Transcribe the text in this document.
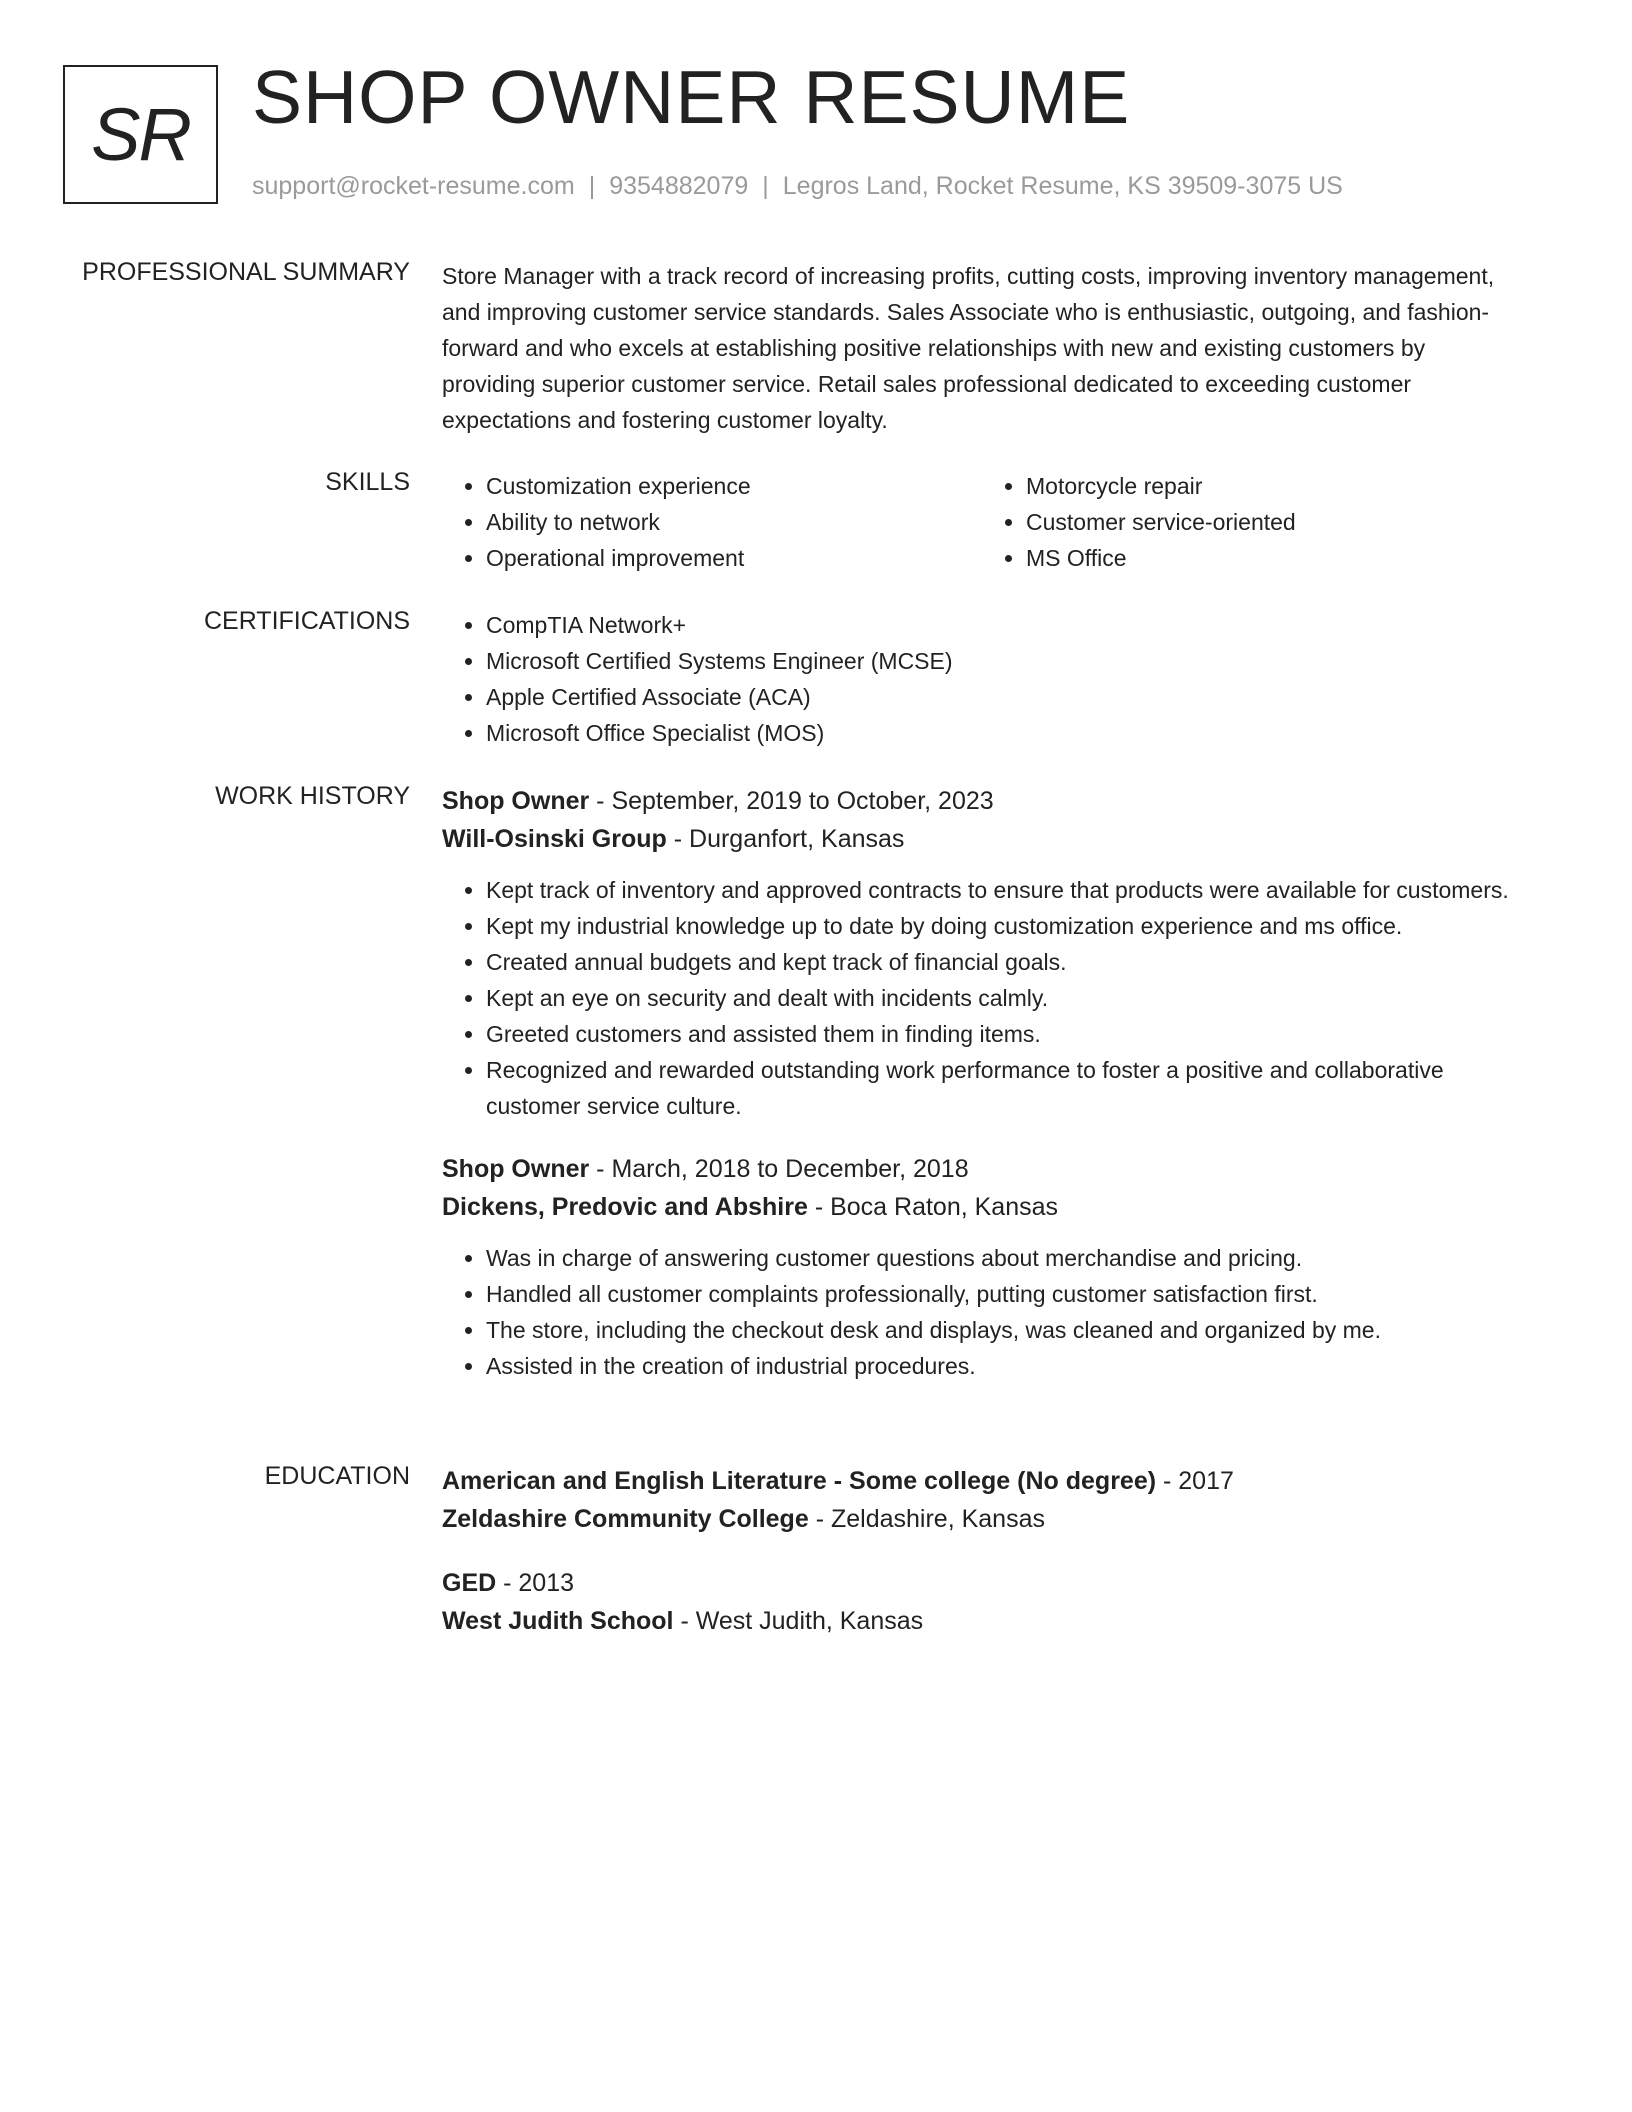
SR SHOP OWNER RESUME
support@rocket-resume.com | 9354882079 | Legros Land, Rocket Resume, KS 39509-3075 US
PROFESSIONAL SUMMARY Store Manager with a track record of increasing profits, cutting costs, improving inventory management, and improving customer service standards. Sales Associate who is enthusiastic, outgoing, and fashion-forward and who excels at establishing positive relationships with new and existing customers by providing superior customer service. Retail sales professional dedicated to exceeding customer expectations and fostering customer loyalty.

SKILLS	• Customization experience
• Ability to network
• Operational improvement
• Motorcycle repair
• Customer service-oriented
• MS Office
CERTIFICATIONS	• CompTIA Network+
• Microsoft Certified Systems Engineer (MCSE)
• Apple Certified Associate (ACA)
• Microsoft Office Specialist (MOS)
WORK HISTORY Shop Owner - September, 2019 to October, 2023
Will-Osinski Group - Durganfort, Kansas
• Kept track of inventory and approved contracts to ensure that products were available for customers.
• Kept my industrial knowledge up to date by doing customization experience and ms office.
• Created annual budgets and kept track of financial goals.
• Kept an eye on security and dealt with incidents calmly.
• Greeted customers and assisted them in finding items.
• Recognized and rewarded outstanding work performance to foster a positive and collaborative customer service culture.
Shop Owner - March, 2018 to December, 2018
Dickens, Predovic and Abshire - Boca Raton, Kansas
• Was in charge of answering customer questions about merchandise and pricing.
• Handled all customer complaints professionally, putting customer satisfaction first.
• The store, including the checkout desk and displays, was cleaned and organized by me.
• Assisted in the creation of industrial procedures.
EDUCATION American and English Literature - Some college (No degree) - 2017
Zeldashire Community College - Zeldashire, Kansas
GED - 2013
West Judith School - West Judith, Kansas
